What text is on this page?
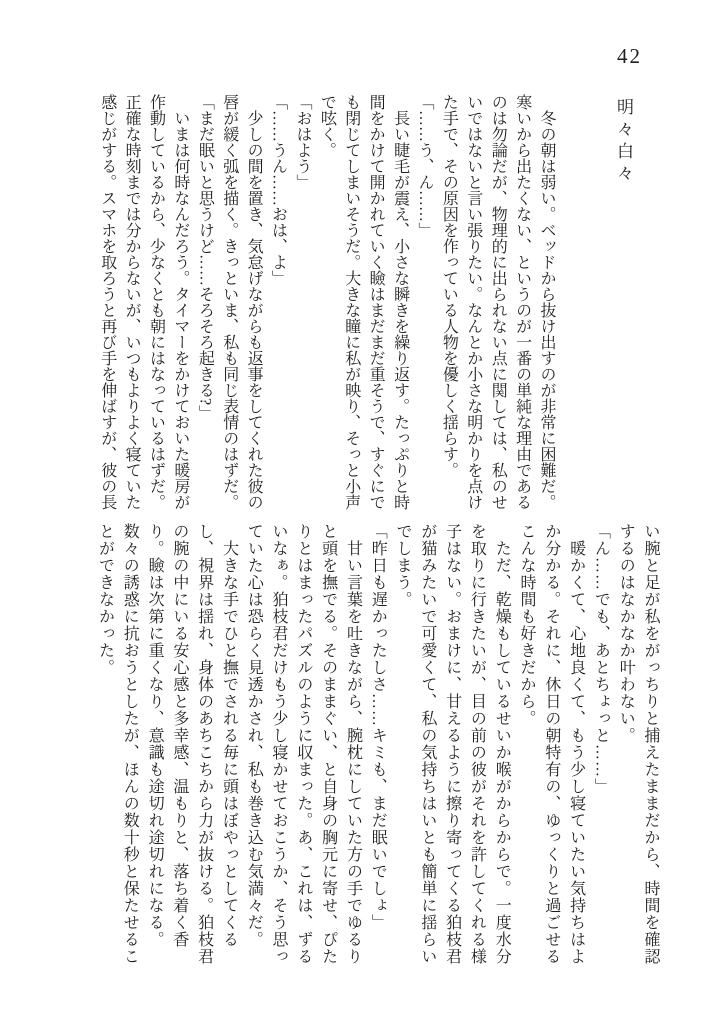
42
明々白々
　冬の朝は弱い。ベッドから抜け出すのが非常に困難だ。
寒いから出たくない、というのが一番の単純な理由である
のは勿論だが、物理的に出られない点に関しては、私のせ
いではないと言い張りたい。なんとか小さな明かりを点け
た手で、その原因を作っている人物を優しく揺らす。
「……う、ん……」
　長い睫毛が震え、小さな瞬きを繰り返す。たっぷりと時
間をかけて開かれていく瞼はまだまだ重そうで、すぐにで
も閉じてしまいそうだ。大きな瞳に私が映り、そっと小声
で呟く。
「おはよう」
「……うん……おは、よ」
　少しの間を置き、気怠げながらも返事をしてくれた彼の
唇が緩く弧を描く。きっといま、私も同じ表情のはずだ。
「まだ眠いと思うけど……そろそろ起きる?」
　いまは何時なんだろう。タイマーをかけておいた暖房が
作動しているから、少なくとも朝にはなっているはずだ。
正確な時刻までは分からないが、いつもよりよく寝ていた
感じがする。スマホを取ろうと再び手を伸ばすが、彼の長
い腕と足が私をがっちりと捕えたままだから、時間を確認
するのはなかなか叶わない。
「ん……でも、あとちょっと……」
　暖かくて、心地良くて、もう少し寝ていたい気持ちはよ
か分かる。それに、休日の朝特有の、ゆっくりと過ごせる
こんな時間も好きだから。
　ただ、乾燥もしているせいか喉がからからで。一度水分
を取りに行きたいが、目の前の彼がそれを許してくれる様
子はない。おまけに、甘えるように擦り寄ってくる狛枝君
が猫みたいで可愛くて、私の気持ちはいとも簡単に揺らい
でしまう。
「昨日も遅かったしさ……キミも、まだ眠いでしょ」
　甘い言葉を吐きながら、腕枕にしていた方の手でゆるり
と頭を撫でる。そのままぐい、と自身の胸元に寄せ、ぴた
りとはまったパズルのように収まった。あ、これは、ずる
いなぁ。狛枝君だけもう少し寝かせておこうか、そう思っ
ていた心は恐らく見透かされ、私も巻き込む気満々だ。
　大きな手でひと撫でされる毎に頭はぼやっとしてくる
し、視界は揺れ、身体のあちこちから力が抜ける。狛枝君
の腕の中にいる安心感と多幸感、温もりと、落ち着く香
り。瞼は次第に重くなり、意識も途切れ途切れになる。
数々の誘惑に抗おうとしたが、ほんの数十秒と保たせるこ
とができなかった。
